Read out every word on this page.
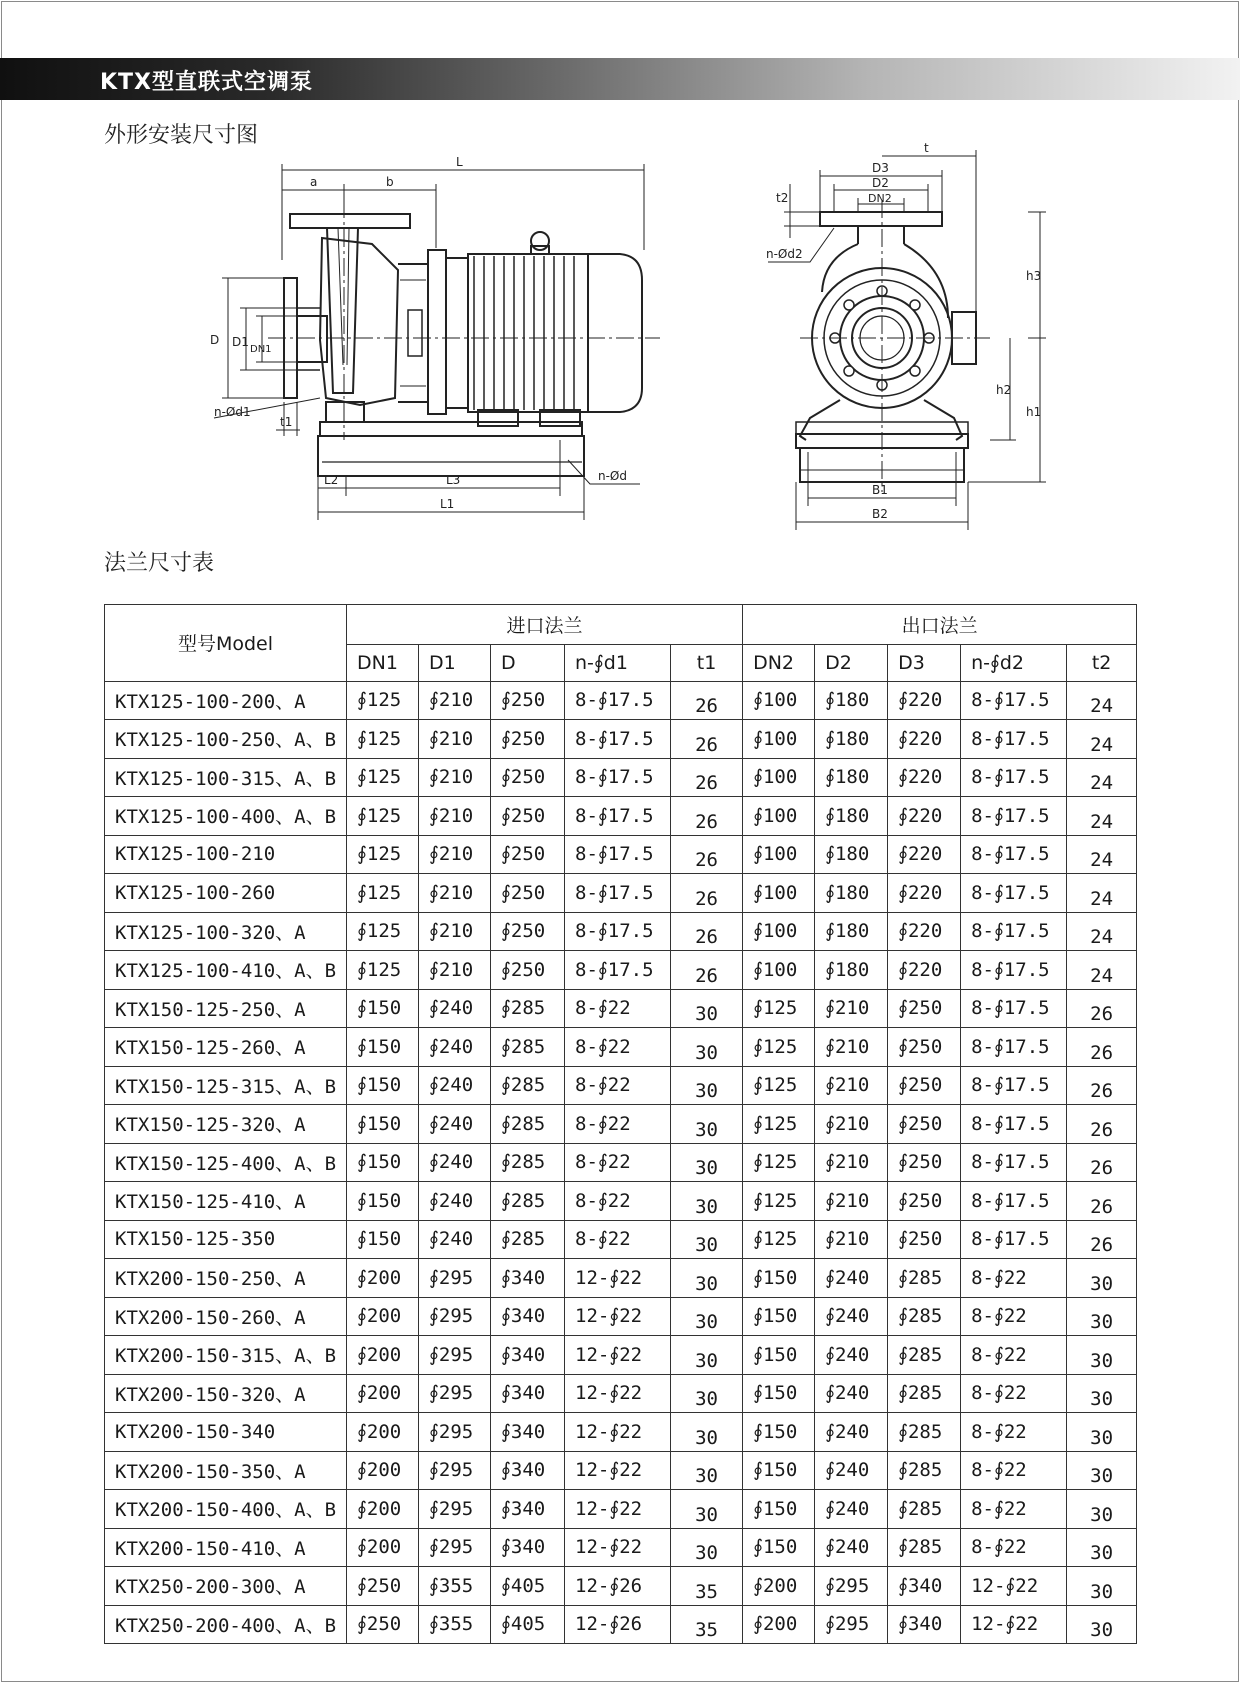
KTX型直联式空调泵
外形安装尺寸图
a	b
L
D D1
DN1
n-Ød1
t1
L2	L3
L1
n-Ød
t
D3
D2
DN2
t2
n-Ød2
h3
h2
h1
B1
B2
法兰尺寸表
型号Model	进口法兰					出口法兰				
	DN1	D1	D	n-∮d1	t1	DN2	D2	D3	n-∮d2	t2
KTX125-100-200、A	∮125	∮210	∮250	8-∮17.5	26	∮100	∮180	∮220	8-∮17.5	24
KTX125-100-250、A、B	∮125	∮210	∮250	8-∮17.5	26	∮100	∮180	∮220	8-∮17.5	24
KTX125-100-315、A、B	∮125	∮210	∮250	8-∮17.5	26	∮100	∮180	∮220	8-∮17.5	24
KTX125-100-400、A、B	∮125	∮210	∮250	8-∮17.5	26	∮100	∮180	∮220	8-∮17.5	24
KTX125-100-210	∮125	∮210	∮250	8-∮17.5	26	∮100	∮180	∮220	8-∮17.5	24
KTX125-100-260	∮125	∮210	∮250	8-∮17.5	26	∮100	∮180	∮220	8-∮17.5	24
KTX125-100-320、A	∮125	∮210	∮250	8-∮17.5	26	∮100	∮180	∮220	8-∮17.5	24
KTX125-100-410、A、B	∮125	∮210	∮250	8-∮17.5	26	∮100	∮180	∮220	8-∮17.5	24
KTX150-125-250、A	∮150	∮240	∮285	8-∮22	30	∮125	∮210	∮250	8-∮17.5	26
KTX150-125-260、A	∮150	∮240	∮285	8-∮22	30	∮125	∮210	∮250	8-∮17.5	26
KTX150-125-315、A、B	∮150	∮240	∮285	8-∮22	30	∮125	∮210	∮250	8-∮17.5	26
KTX150-125-320、A	∮150	∮240	∮285	8-∮22	30	∮125	∮210	∮250	8-∮17.5	26
KTX150-125-400、A、B	∮150	∮240	∮285	8-∮22	30	∮125	∮210	∮250	8-∮17.5	26
KTX150-125-410、A	∮150	∮240	∮285	8-∮22	30	∮125	∮210	∮250	8-∮17.5	26
KTX150-125-350	∮150	∮240	∮285	8-∮22	30	∮125	∮210	∮250	8-∮17.5	26
KTX200-150-250、A	∮200	∮295	∮340	12-∮22	30	∮150	∮240	∮285	8-∮22	30
KTX200-150-260、A	∮200	∮295	∮340	12-∮22	30	∮150	∮240	∮285	8-∮22	30
KTX200-150-315、A、B	∮200	∮295	∮340	12-∮22	30	∮150	∮240	∮285	8-∮22	30
KTX200-150-320、A	∮200	∮295	∮340	12-∮22	30	∮150	∮240	∮285	8-∮22	30
KTX200-150-340	∮200	∮295	∮340	12-∮22	30	∮150	∮240	∮285	8-∮22	30
KTX200-150-350、A	∮200	∮295	∮340	12-∮22	30	∮150	∮240	∮285	8-∮22	30
KTX200-150-400、A、B	∮200	∮295	∮340	12-∮22	30	∮150	∮240	∮285	8-∮22	30
KTX200-150-410、A	∮200	∮295	∮340	12-∮22	30	∮150	∮240	∮285	8-∮22	30
KTX250-200-300、A	∮250	∮355	∮405	12-∮26	35	∮200	∮295	∮340	12-∮22	30
KTX250-200-400、A、B	∮250	∮355	∮405	12-∮26	35	∮200	∮295	∮340	12-∮22	30
